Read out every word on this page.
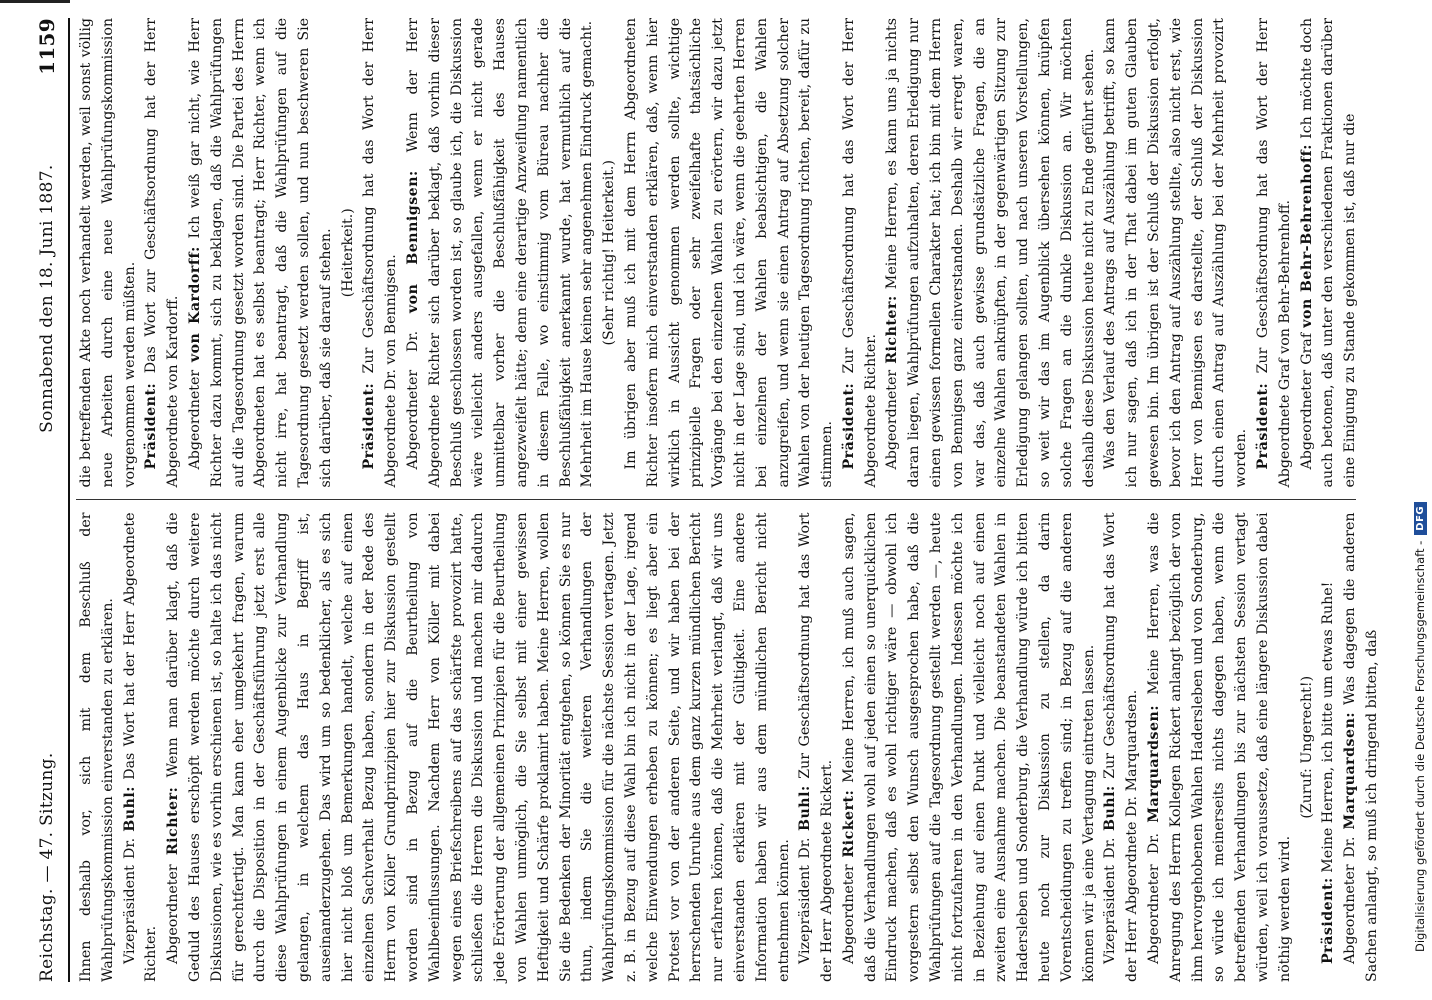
Reichstag. — 47. Sitzung.
Sonnabend den 18. Juni 1887.
1159

Ihnen deshalb vor, sich mit dem Beschluß der Wahlprüfungskommission einverstanden zu erklären. Vizepräsident Dr. Buhl: Das Wort hat der Herr Abgeordnete Richter. Abgeordneter Richter: Wenn man darüber klagt, daß die Geduld des Hauses erschöpft werden möchte durch weitere Diskussionen, wie es vorhin erschienen ist, so halte ich das nicht für gerechtfertigt. Man kann eher umgekehrt fragen, warum durch die Disposition in der Geschäftsführung jetzt erst alle diese Wahlprüfungen in einem Augenblicke zur Verhandlung gelangen, in welchem das Haus in Begriff ist, auseinanderzugehen. Das wird um so bedenklicher, als es sich hier nicht bloß um Bemerkungen handelt, welche auf einen einzelnen Sachverhalt Bezug haben, sondern in der Rede des Herrn von Köller Grundprinzipien hier zur Diskussion gestellt worden sind in Bezug auf die Beurtheilung von Wahlbeeinflussungen. Nachdem Herr von Köller mit dabei wegen eines Briefschreibens auf das schärfste provozirt hatte, schließen die Herren die Diskussion und machen mir dadurch jede Erörterung der allgemeinen Prinzipien für die Beurtheilung von Wahlen unmöglich, die Sie selbst mit einer gewissen Heftigkeit und Schärfe proklamirt haben. Meine Herren, wollen Sie die Bedenken der Minorität entgehen, so können Sie es nur thun, indem Sie die weiteren Verhandlungen der Wahlprüfungskommission für die nächste Session vertagen. Jetzt z. B. in Bezug auf diese Wahl bin ich nicht in der Lage, irgend welche Einwendungen erheben zu können; es liegt aber ein Protest vor von der anderen Seite, und wir haben bei der herrschenden Unruhe aus dem ganz kurzen mündlichen Bericht nur erfahren können, daß die Mehrheit verlangt, daß wir uns einverstanden erklären mit der Gültigkeit. Eine andere Information haben wir aus dem mündlichen Bericht nicht entnehmen können. Vizepräsident Dr. Buhl: Zur Geschäftsordnung hat das Wort der Herr Abgeordnete Rickert. Abgeordneter Rickert: Meine Herren, ich muß auch sagen, daß die Verhandlungen wohl auf jeden einen so unerquicklichen Eindruck machen, daß es wohl richtiger wäre — obwohl ich vorgestern selbst den Wunsch ausgesprochen habe, daß die Wahlprüfungen auf die Tagesordnung gestellt werden —, heute nicht fortzufahren in den Verhandlungen. Indessen möchte ich in Beziehung auf einen Punkt und vielleicht noch auf einen zweiten eine Ausnahme machen. Die beanstandeten Wahlen in Hadersleben und Sonderburg, die Verhandlung würde ich bitten heute noch zur Diskussion zu stellen, da darin Vorentscheidungen zu treffen sind; in Bezug auf die anderen können wir ja eine Vertagung eintreten lassen. Vizepräsident Dr. Buhl: Zur Geschäftsordnung hat das Wort der Herr Abgeordnete Dr. Marquardsen. Abgeordneter Dr. Marquardsen: Meine Herren, was die Anregung des Herrn Kollegen Rickert anlangt bezüglich der von ihm hervorgehobenen Wahlen Hadersleben und von Sonderburg, so würde ich meinerseits nichts dagegen haben, wenn die betreffenden Verhandlungen bis zur nächsten Session vertagt würden, weil ich voraussetze, daß eine längere Diskussion dabei nöthig werden wird.

(Zuruf: Ungerecht!)

Präsident: Meine Herren, ich bitte um etwas Ruhe!

Abgeordneter Dr. Marquardsen: Was dagegen die anderen Sachen anlangt, so muß ich dringend bitten, daß

die betreffenden Akte noch verhandelt werden, weil sonst völlig neue Arbeiten durch eine neue Wahlprüfungskommission vorgenommen werden müßten. Präsident: Das Wort zur Geschäftsordnung hat der Herr Abgeordnete von Kardorff. Abgeordneter von Kardorff: Ich weiß gar nicht, wie Herr Richter dazu kommt, sich zu beklagen, daß die Wahlprüfungen auf die Tagesordnung gesetzt worden sind. Die Partei des Herrn Abgeordneten hat es selbst beantragt; Herr Richter, wenn ich nicht irre, hat beantragt, daß die Wahlprüfungen auf die Tagesordnung gesetzt werden sollen, und nun beschweren Sie sich darüber, daß sie darauf stehen. (Heiterkeit.)

Präsident: Zur Geschäftsordnung hat das Wort der Herr Abgeordnete Dr. von Bennigsen. Abgeordneter Dr. von Bennigsen: Wenn der Herr Abgeordnete Richter sich darüber beklagt, daß vorhin dieser Beschluß geschlossen worden ist, so glaube ich, die Diskussion wäre vielleicht anders ausgefallen, wenn er nicht gerade unmittelbar vorher die Beschlußfähigkeit des Hauses angezweifelt hätte; denn eine derartige Anzweiflung namentlich in diesem Falle, wo einstimmig vom Büreau nachher die Beschlußfähigkeit anerkannt wurde, hat vermuthlich auf die Mehrheit im Hause keinen sehr angenehmen Eindruck gemacht. (Sehr richtig! Heiterkeit.) Im übrigen aber muß ich mit dem Herrn Abgeordneten Richter insofern mich einverstanden erklären, daß, wenn hier wirklich in Aussicht genommen werden sollte, wichtige prinzipielle Fragen oder sehr zweifelhafte thatsächliche Vorgänge bei den einzelnen Wahlen zu erörtern, wir dazu jetzt nicht in der Lage sind, und ich wäre, wenn die geehrten Herren bei einzelnen der Wahlen beabsichtigen, die Wahlen anzugreifen, und wenn sie einen Antrag auf Absetzung solcher Wahlen von der heutigen Tagesordnung richten, bereit, dafür zu stimmen. Präsident: Zur Geschäftsordnung hat das Wort der Herr Abgeordnete Richter. Abgeordneter Richter: Meine Herren, es kann uns ja nichts daran liegen, Wahlprüfungen aufzuhalten, deren Erledigung nur einen gewissen formellen Charakter hat; ich bin mit dem Herrn von Bennigsen ganz einverstanden. Deshalb wir erregt waren, war das, daß auch gewisse grundsätzliche Fragen, die an einzelne Wahlen anknüpften, in der gegenwärtigen Sitzung zur Erledigung gelangen sollten, und nach unseren Vorstellungen, so weit wir das im Augenblick übersehen können, knüpfen solche Fragen an die dunkle Diskussion an. Wir möchten deshalb diese Diskussion heute nicht zu Ende geführt sehen. Was den Verlauf des Antrags auf Auszählung betrifft, so kann ich nur sagen, daß ich in der That dabei im guten Glauben gewesen bin. Im übrigen ist der Schluß der Diskussion erfolgt, bevor ich den Antrag auf Auszählung stellte, also nicht erst, wie Herr von Bennigsen es darstellte, der Schluß der Diskussion durch einen Antrag auf Auszählung bei der Mehrheit provozirt worden. Präsident: Zur Geschäftsordnung hat das Wort der Herr Abgeordnete Graf von Behr-Behrenhoff. Abgeordneter Graf von Behr-Behrenhoff: Ich möchte doch auch betonen, daß unter den verschiedenen Fraktionen darüber eine Einigung zu Stande gekommen ist, daß nur die

Digitalisierung gefördert durch die Deutsche Forschungsgemeinschaft -
DFG
